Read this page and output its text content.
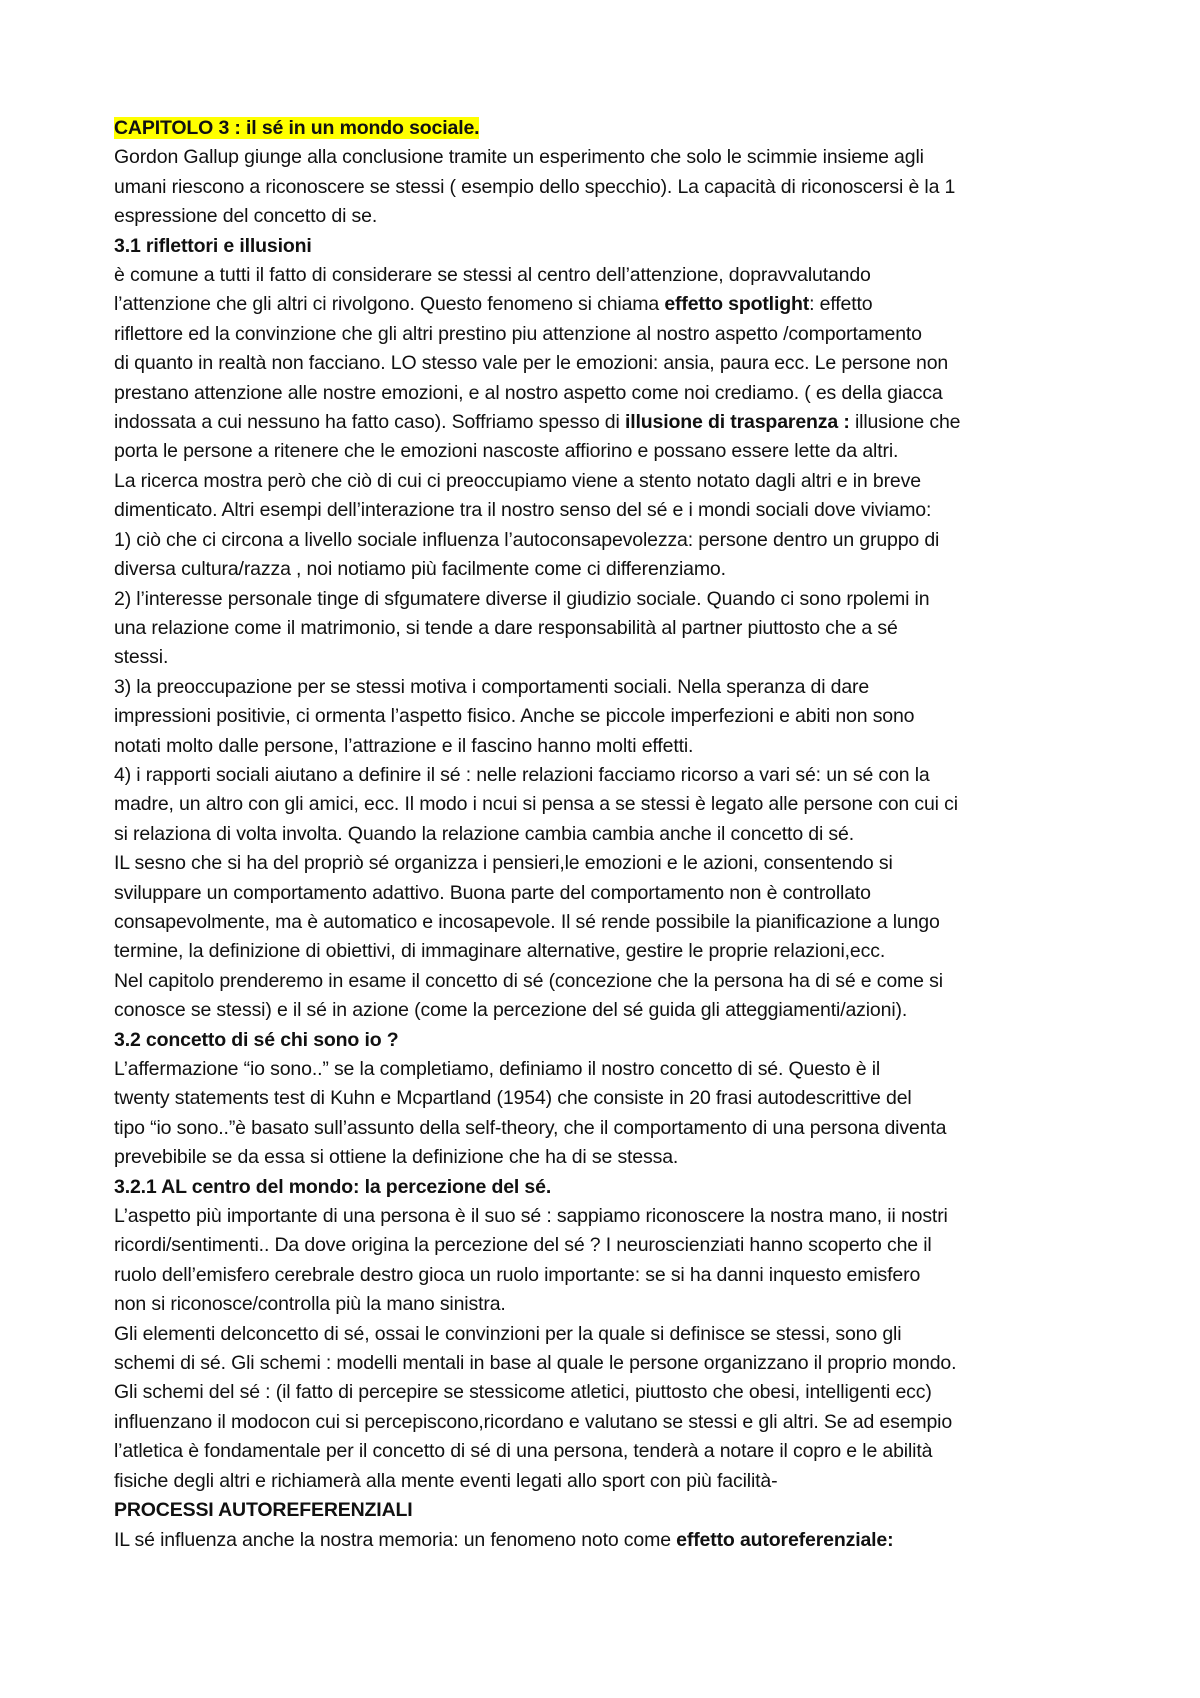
CAPITOLO 3 : il sé in un mondo sociale.
Gordon Gallup giunge alla conclusione tramite un esperimento che solo le scimmie insieme agli
umani riescono a riconoscere se stessi ( esempio dello specchio). La capacità di riconoscersi è la 1
espressione del concetto di se.
3.1 riflettori e illusioni
è comune a tutti il fatto di considerare se stessi al centro dell’attenzione, dopravvalutando
l’attenzione che gli altri ci rivolgono. Questo fenomeno si chiama effetto spotlight: effetto
riflettore ed la convinzione che gli altri prestino piu attenzione al nostro aspetto /comportamento
di quanto in realtà non facciano. LO stesso vale per le emozioni: ansia, paura ecc. Le persone non
prestano attenzione alle nostre emozioni, e al nostro aspetto come noi crediamo. ( es della giacca
indossata a cui nessuno ha fatto caso). Soffriamo spesso di illusione di trasparenza : illusione che
porta le persone a ritenere che le emozioni nascoste affiorino e possano essere lette da altri.
La ricerca mostra però che ciò di cui ci preoccupiamo viene a stento notato dagli altri e in breve
dimenticato. Altri esempi dell’interazione tra il nostro senso del sé e i mondi sociali dove viviamo:
1) ciò che ci circona a livello sociale influenza l’autoconsapevolezza: persone dentro un gruppo di
diversa cultura/razza , noi notiamo più facilmente come ci differenziamo.
2) l’interesse personale tinge di sfgumatere diverse il giudizio sociale. Quando ci sono rpolemi in
una relazione come il matrimonio, si tende a dare responsabilità al partner piuttosto che a sé
stessi.
3) la preoccupazione per se stessi motiva i comportamenti sociali. Nella speranza di dare
impressioni positivie, ci ormenta l’aspetto fisico. Anche se piccole imperfezioni e abiti non sono
notati molto dalle persone, l’attrazione e il fascino hanno molti effetti.
4) i rapporti sociali aiutano a definire il sé : nelle relazioni facciamo ricorso a vari sé: un sé con la
madre, un altro con gli amici, ecc. Il modo i ncui si pensa a se stessi è legato alle persone con cui ci
si relaziona di volta involta. Quando la relazione cambia cambia anche il concetto di sé.
IL sesno che si ha del propriò sé organizza i pensieri,le emozioni e le azioni, consentendo si
sviluppare un comportamento adattivo. Buona parte del comportamento non è controllato
consapevolmente, ma è automatico e incosapevole. Il sé rende possibile la pianificazione a lungo
termine, la definizione di obiettivi, di immaginare alternative, gestire le proprie relazioni,ecc.
Nel capitolo prenderemo in esame il concetto di sé (concezione che la persona ha di sé e come si
conosce se stessi) e il sé in azione (come la percezione del sé guida gli atteggiamenti/azioni).
3.2 concetto di sé chi sono io ?
L’affermazione “io sono..” se la completiamo, definiamo il nostro concetto di sé. Questo è il
twenty statements test di Kuhn e Mcpartland (1954) che consiste in 20 frasi autodescrittive del
tipo “io sono..”è basato sull’assunto della self-theory, che il comportamento di una persona diventa
prevebibile se da essa si ottiene la definizione che ha di se stessa.
3.2.1 AL centro del mondo: la percezione del sé.
L’aspetto più importante di una persona è il suo sé : sappiamo riconoscere la nostra mano, ii nostri
ricordi/sentimenti.. Da dove origina la percezione del sé ? I neuroscienziati hanno scoperto che il
ruolo dell’emisfero cerebrale destro gioca un ruolo importante: se si ha danni inquesto emisfero
non si riconosce/controlla più la mano sinistra.
Gli elementi delconcetto di sé, ossai le convinzioni per la quale si definisce se stessi, sono gli
schemi di sé. Gli schemi : modelli mentali in base al quale le persone organizzano il proprio mondo.
Gli schemi del sé : (il fatto di percepire se stessicome atletici, piuttosto che obesi, intelligenti ecc)
influenzano il modocon cui si percepiscono,ricordano e valutano se stessi e gli altri. Se ad esempio
l’atletica è fondamentale per il concetto di sé di una persona, tenderà a notare il copro e le abilità
fisiche degli altri e richiamerà alla mente eventi legati allo sport con più facilità-
PROCESSI AUTOREFERENZIALI
IL sé influenza anche la nostra memoria: un fenomeno noto come effetto autoreferenziale:
